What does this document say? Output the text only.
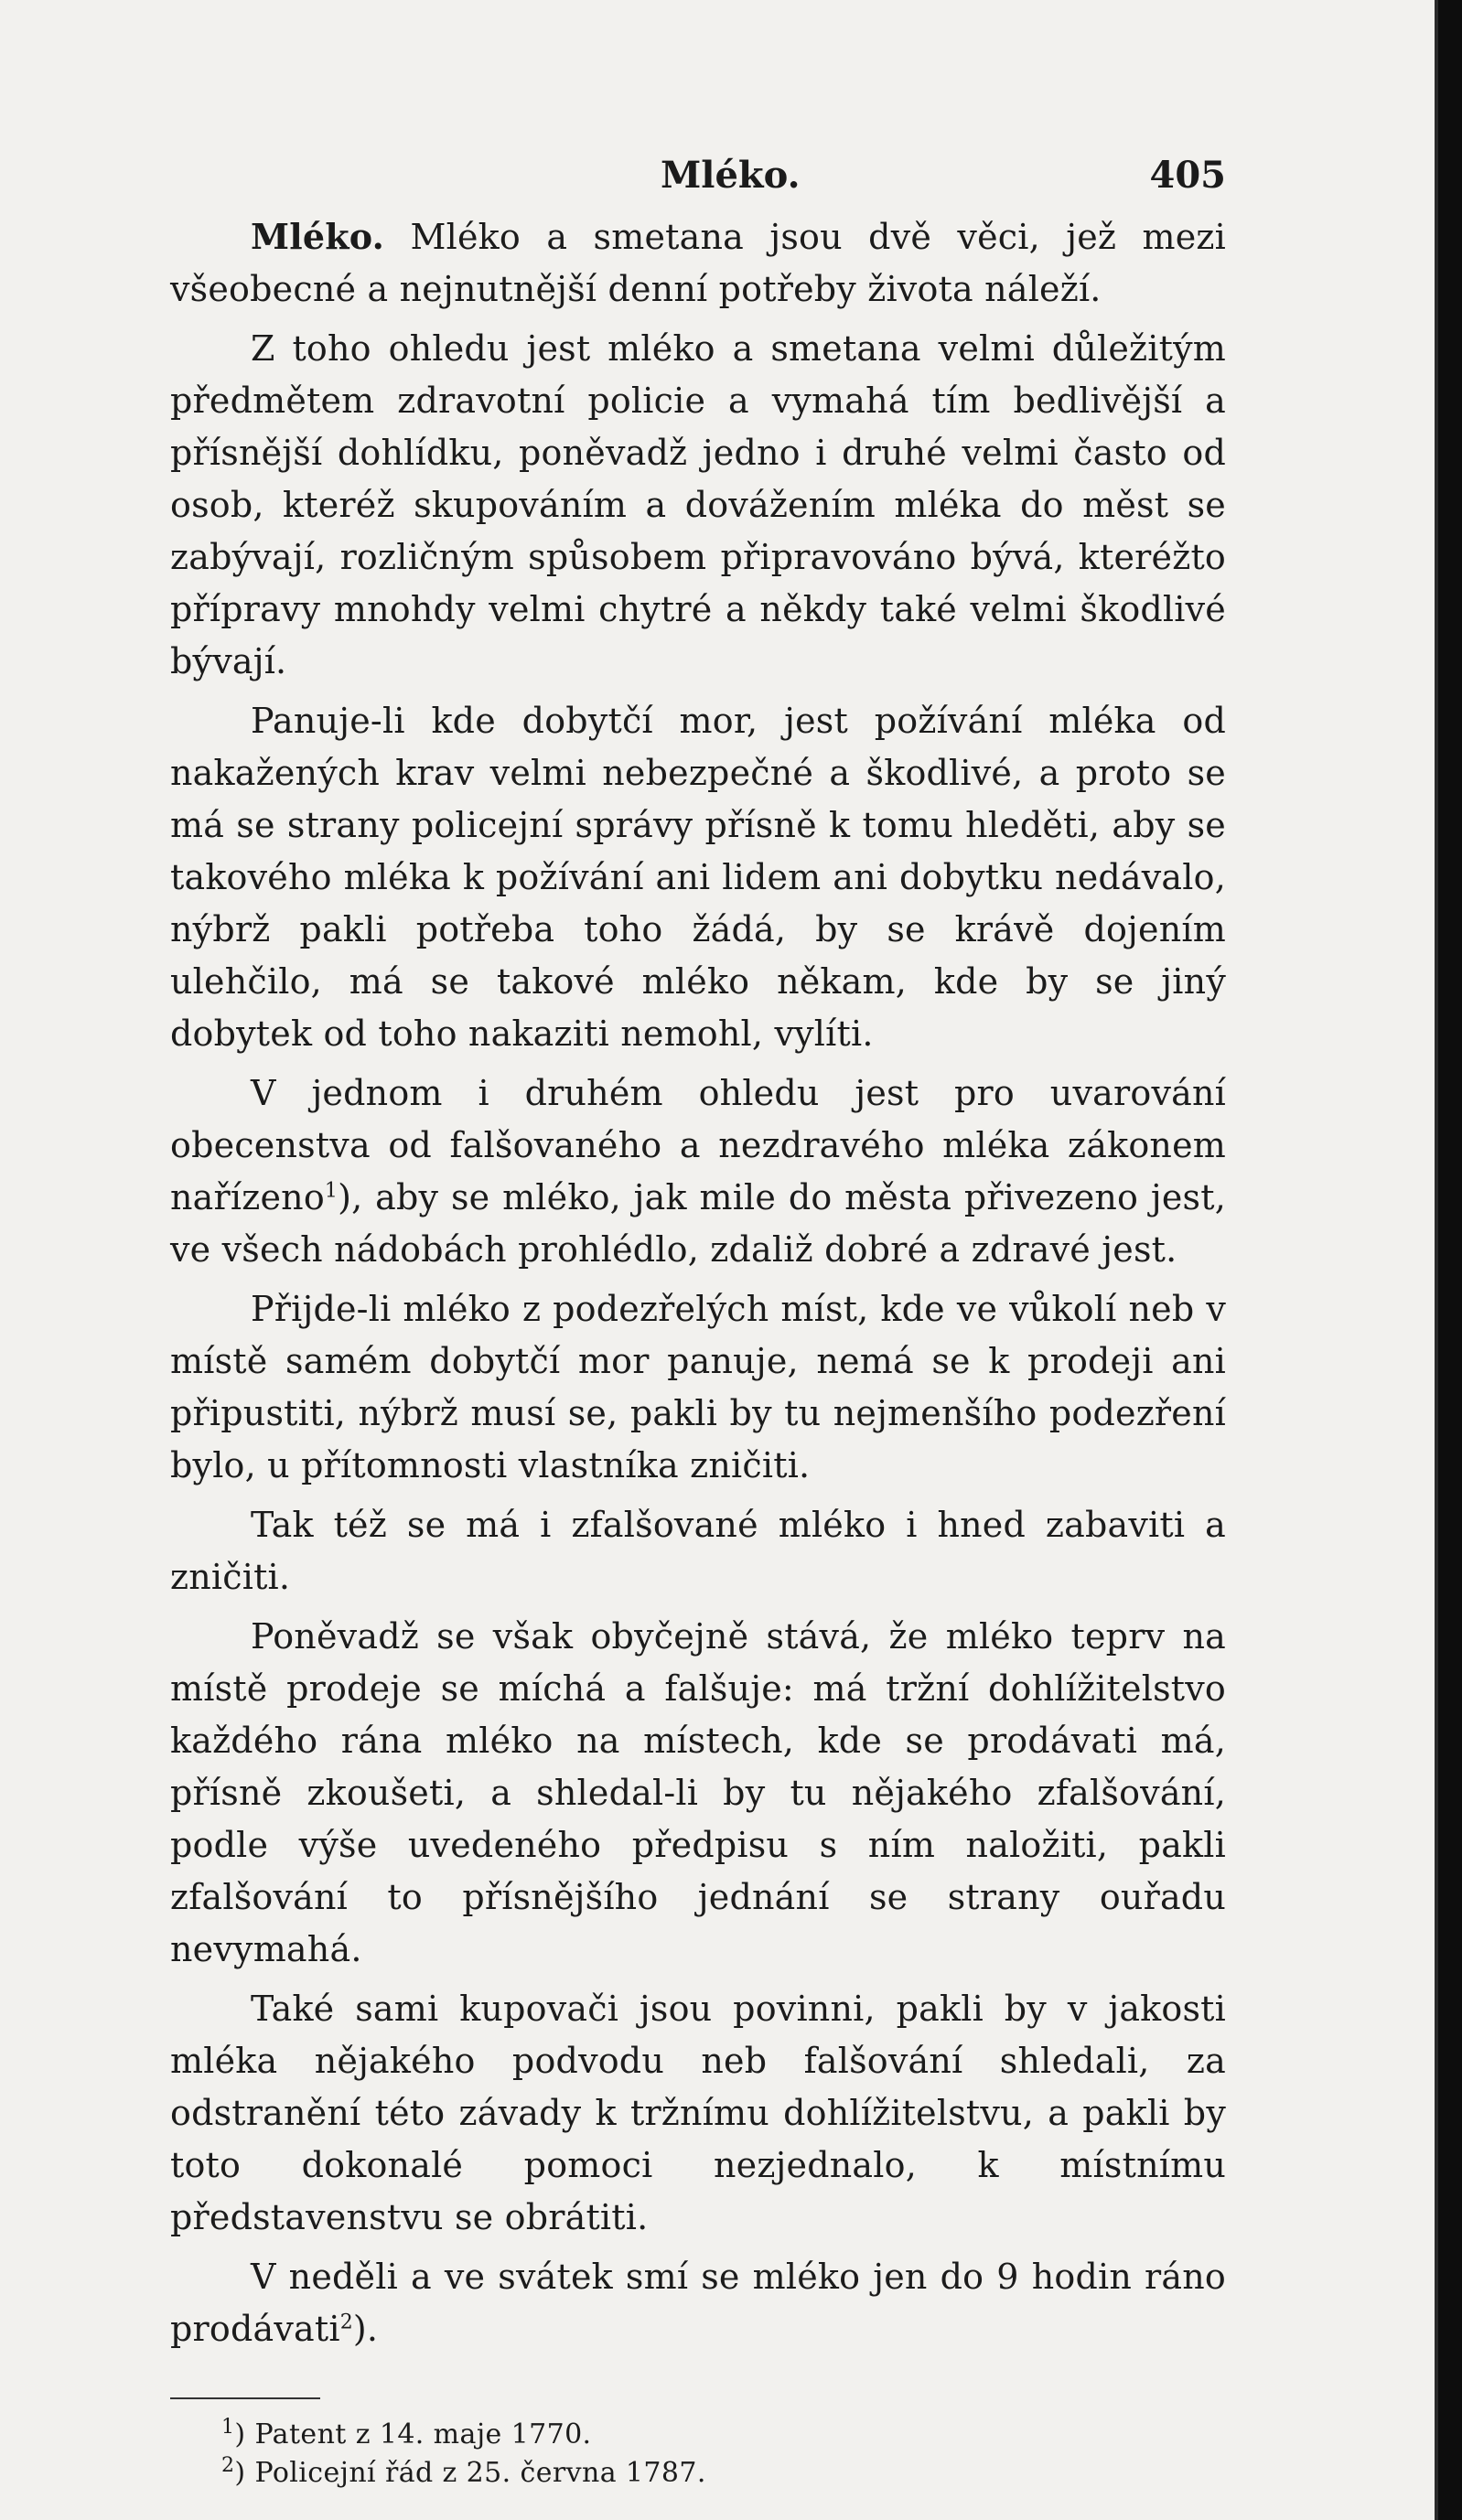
Mléko.	405

Mléko. Mléko a smetana jsou dvě věci, jež mezi všeobecné a nejnutnější denní potřeby života náleží.

Z toho ohledu jest mléko a smetana velmi důležitým předmětem zdravotní policie a vymahá tím bedlivější a přísnější dohlídku, poněvadž jedno i druhé velmi často od osob, kteréž skupováním a dovážením mléka do měst se zabývají, rozličným spůsobem připravováno bývá, kteréžto přípravy mnohdy velmi chytré a někdy také velmi škodlivé bývají.

Panuje-li kde dobytčí mor, jest požívání mléka od nakažených krav velmi nebezpečné a škodlivé, a proto se má se strany policejní správy přísně k tomu hleděti, aby se takového mléka k požívání ani lidem ani dobytku nedávalo, nýbrž pakli potřeba toho žádá, by se krávě dojením ulehčilo, má se takové mléko někam, kde by se jiný dobytek od toho nakaziti nemohl, vylíti.

V jednom i druhém ohledu jest pro uvarování obecenstva od falšovaného a nezdravého mléka zákonem nařízeno$^1$), aby se mléko, jak mile do města přivezeno jest, ve všech nádobách prohlédlo, zdaliž dobré a zdravé jest.

Přijde-li mléko z podezřelých míst, kde ve vůkolí neb v místě samém dobytčí mor panuje, nemá se k prodeji ani připustiti, nýbrž musí se, pakli by tu nejmenšího podezření bylo, u přítomnosti vlastníka zničiti.

Tak též se má i zfalšované mléko i hned zabaviti a zničiti.

Poněvadž se však obyčejně stává, že mléko teprv na místě prodeje se míchá a falšuje: má tržní dohlížitelstvo každého rána mléko na místech, kde se prodávati má, přísně zkoušeti, a shledal-li by tu nějakého zfalšování, podle výše uvedeného předpisu s ním naložiti, pakli zfalšování to přísnějšího jednání se strany ouřadu nevymahá.

Také sami kupovači jsou povinni, pakli by v jakosti mléka nějakého podvodu neb falšování shledali, za odstranění této závady k tržnímu dohlížitelstvu, a pakli by toto dokonalé pomoci nezjednalo, k místnímu představenstvu se obrátiti.

V neděli a ve svátek smí se mléko jen do 9 hodin ráno prodávati$^2$).

$^1$) Patent z 14. maje 1770.

$^2$) Policejní řád z 25. června 1787.
